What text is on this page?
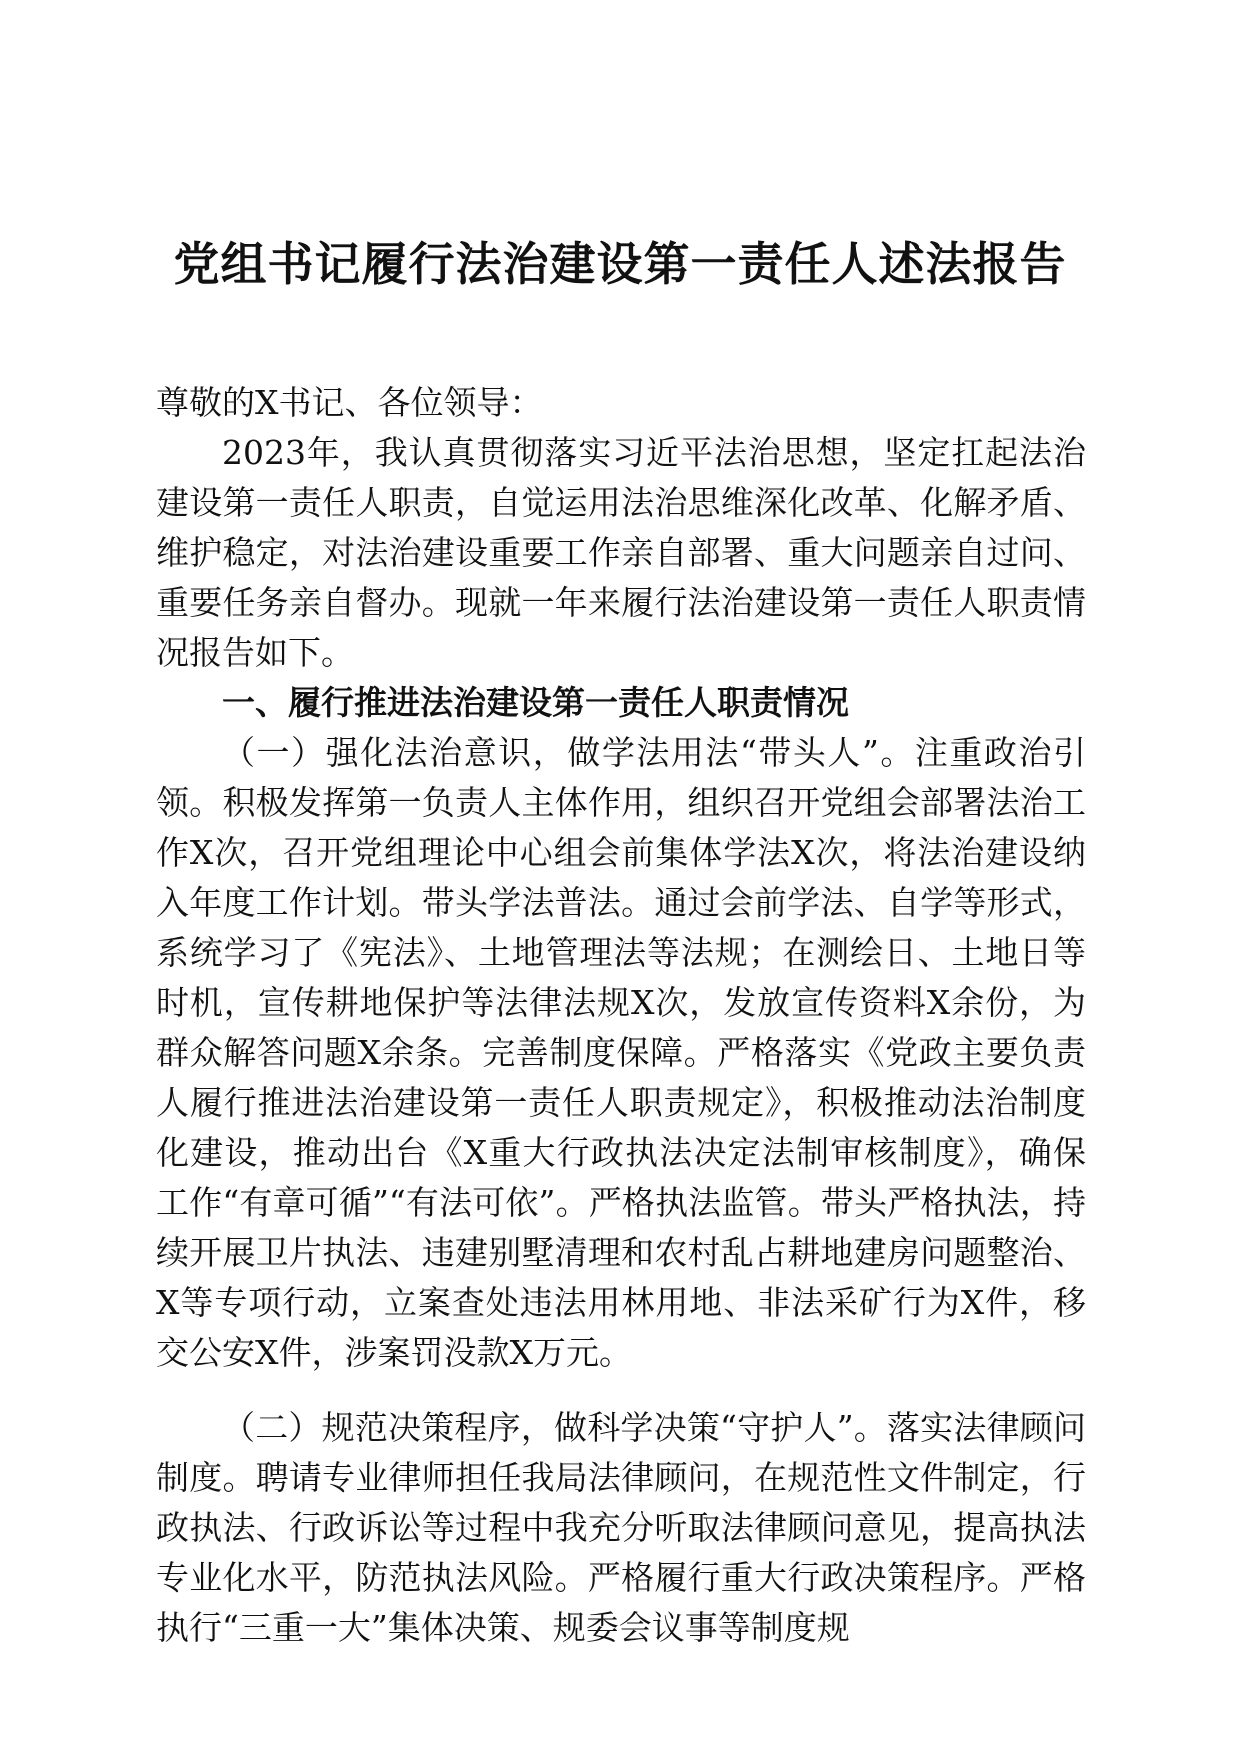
党组书记履行法治建设第一责任人述法报告

尊敬的X书记、各位领导：

2023年，我认真贯彻落实习近平法治思想，坚定扛起法治建设第一责任人职责，自觉运用法治思维深化改革、化解矛盾、维护稳定，对法治建设重要工作亲自部署、重大问题亲自过问、重要任务亲自督办。现就一年来履行法治建设第一责任人职责情况报告如下。

一、履行推进法治建设第一责任人职责情况

（一）强化法治意识，做学法用法“带头人”。注重政治引领。积极发挥第一负责人主体作用，组织召开党组会部署法治工作X次，召开党组理论中心组会前集体学法X次，将法治建设纳入年度工作计划。带头学法普法。通过会前学法、自学等形式，系统学习了《宪法》、土地管理法等法规；在测绘日、土地日等时机，宣传耕地保护等法律法规X次，发放宣传资料X余份，为群众解答问题X余条。完善制度保障。严格落实《党政主要负责人履行推进法治建设第一责任人职责规定》，积极推动法治制度化建设，推动出台《X重大行政执法决定法制审核制度》，确保工作“有章可循”“有法可依”。严格执法监管。带头严格执法，持续开展卫片执法、违建别墅清理和农村乱占耕地建房问题整治、X等专项行动，立案查处违法用林用地、非法采矿行为X件，移交公安X件，涉案罚没款X万元。

（二）规范决策程序，做科学决策“守护人”。落实法律顾问制度。聘请专业律师担任我局法律顾问，在规范性文件制定，行政执法、行政诉讼等过程中我充分听取法律顾问意见，提高执法专业化水平，防范执法风险。严格履行重大行政决策程序。严格执行“三重一大”集体决策、规委会议事等制度规
